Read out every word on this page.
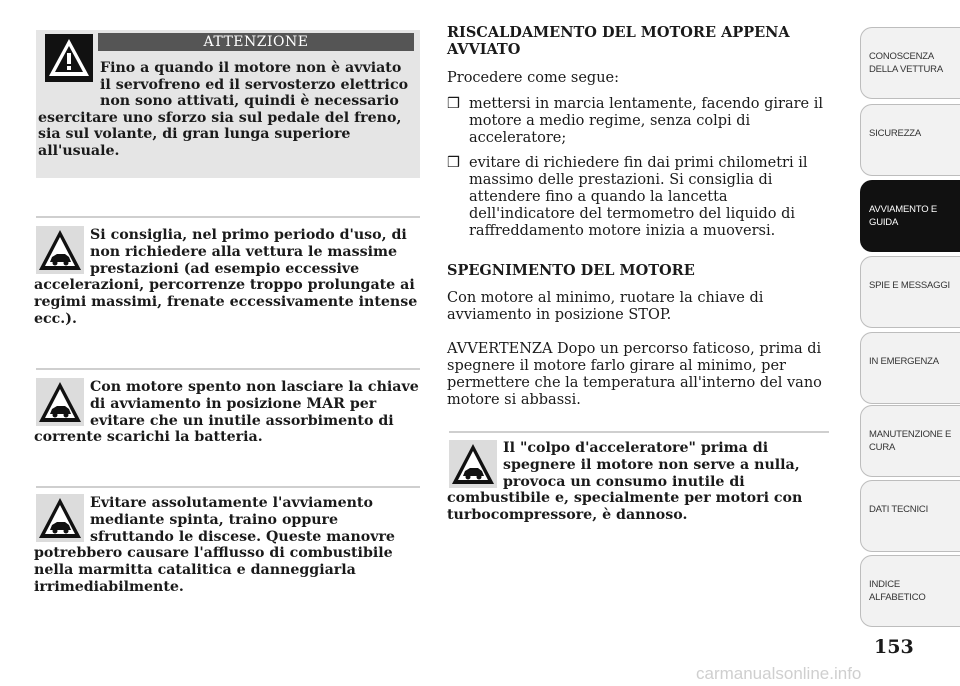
ATTENZIONE
Fino a quando il motore non è avviato il servofreno ed il servosterzo elettrico non sono attivati, quindi è necessario esercitare uno sforzo sia sul pedale del freno, sia sul volante, di gran lunga superiore all'usuale.
Si consiglia, nel primo periodo d'uso, di non richiedere alla vettura le massime prestazioni (ad esempio eccessive accelerazioni, percorrenze troppo prolungate ai regimi massimi, frenate eccessivamente intense ecc.).
Con motore spento non lasciare la chiave di avviamento in posizione MAR per evitare che un inutile assorbimento di corrente scarichi la batteria.
Evitare assolutamente l'avviamento mediante spinta, traino oppure sfruttando le discese. Queste manovre potrebbero causare l'afflusso di combustibile nella marmitta catalitica e danneggiarla irrimediabilmente.
RISCALDAMENTO DEL MOTORE APPENA AVVIATO
Procedere come segue:
❒ mettersi in marcia lentamente, facendo girare il motore a medio regime, senza colpi di acceleratore;
❒ evitare di richiedere fin dai primi chilometri il massimo delle prestazioni. Si consiglia di attendere fino a quando la lancetta dell'indicatore del termometro del liquido di raffreddamento motore inizia a muoversi.
SPEGNIMENTO DEL MOTORE
Con motore al minimo, ruotare la chiave di avviamento in posizione STOP.
AVVERTENZA Dopo un percorso faticoso, prima di spegnere il motore farlo girare al minimo, per permettere che la temperatura all'interno del vano motore si abbassi.
Il "colpo d'acceleratore" prima di spegnere il motore non serve a nulla, provoca un consumo inutile di combustibile e, specialmente per motori con turbocompressore, è dannoso.
CONOSCENZA
DELLA VETTURA
SICUREZZA
AVVIAMENTO E
GUIDA
SPIE E MESSAGGI
IN EMERGENZA
MANUTENZIONE E
CURA
DATI TECNICI
INDICE
ALFABETICO
153
carmanualsonline.info
